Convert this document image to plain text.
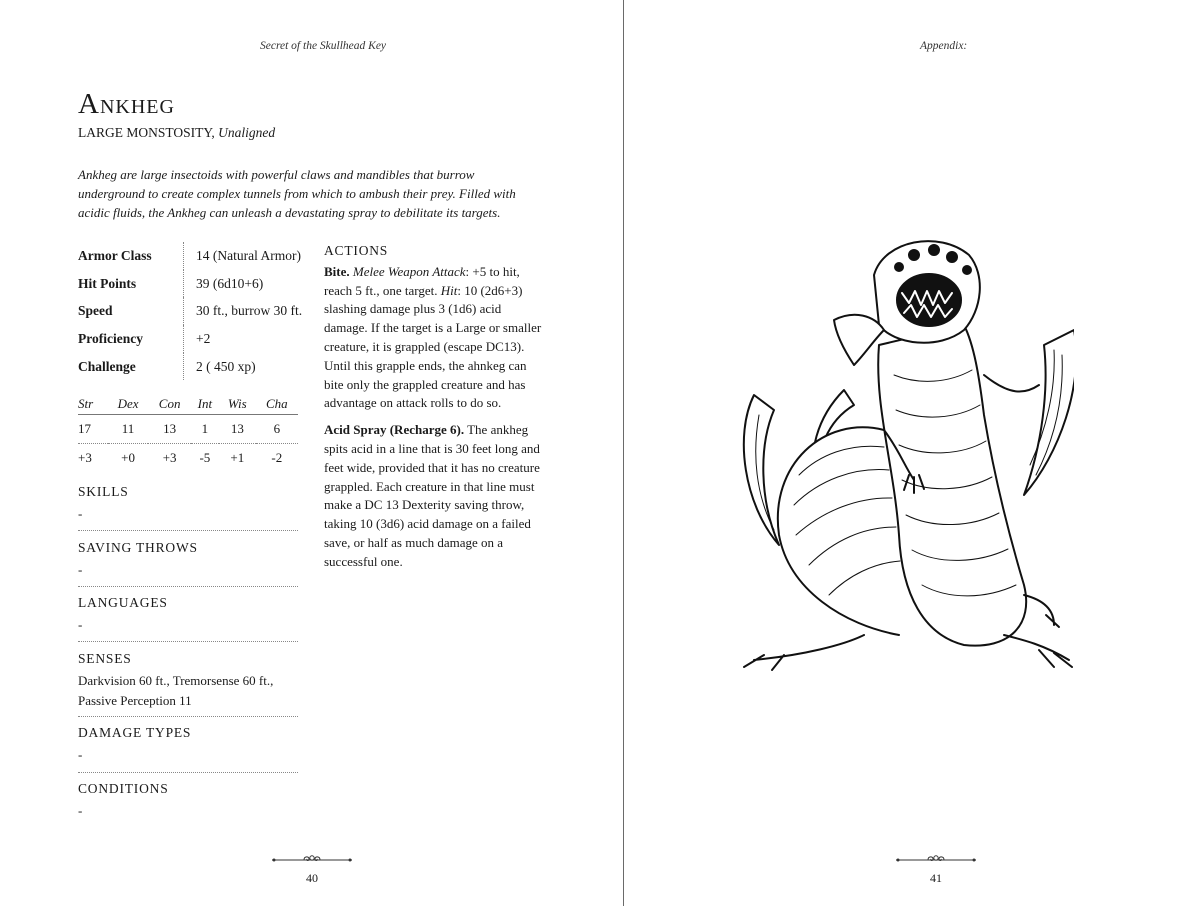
Secret of the Skullhead Key
Ankheg
LARGE MONSTOSITY, Unaligned
Ankheg are large insectoids with powerful claws and mandibles that burrow underground to create complex tunnels from which to ambush their prey. Filled with acidic fluids, the Ankheg can unleash a devastating spray to debilitate its targets.
Armor Class	14 (Natural Armor)
Hit Points	39 (6d10+6)
Speed	30 ft., burrow 30 ft.
Proficiency	+2
Challenge	2 ( 450 xp)
Str	Dex	Con	Int	Wis	Cha
17	11	13	1	13	6
+3	+0	+3	-5	+1	-2
SKILLS
-
SAVING THROWS
-
LANGUAGES
-
SENSES
Darkvision 60 ft., Tremorsense 60 ft., Passive Perception 11
DAMAGE TYPES
-
CONDITIONS
-
ACTIONS

Bite. Melee Weapon Attack: +5 to hit, reach 5 ft., one target. Hit: 10 (2d6+3) slashing damage plus 3 (1d6) acid damage. If the target is a Large or smaller creature, it is grappled (escape DC13). Until this grapple ends, the ahnkeg can bite only the grappled creature and has advantage on attack rolls to do so.

Acid Spray (Recharge 6). The ankheg spits acid in a line that is 30 feet long and feet wide, provided that it has no creature grappled. Each creature in that line must make a DC 13 Dexterity saving throw, taking 10 (3d6) acid damage on a failed save, or half as much damage on a successful one.

40
Appendix:
41
